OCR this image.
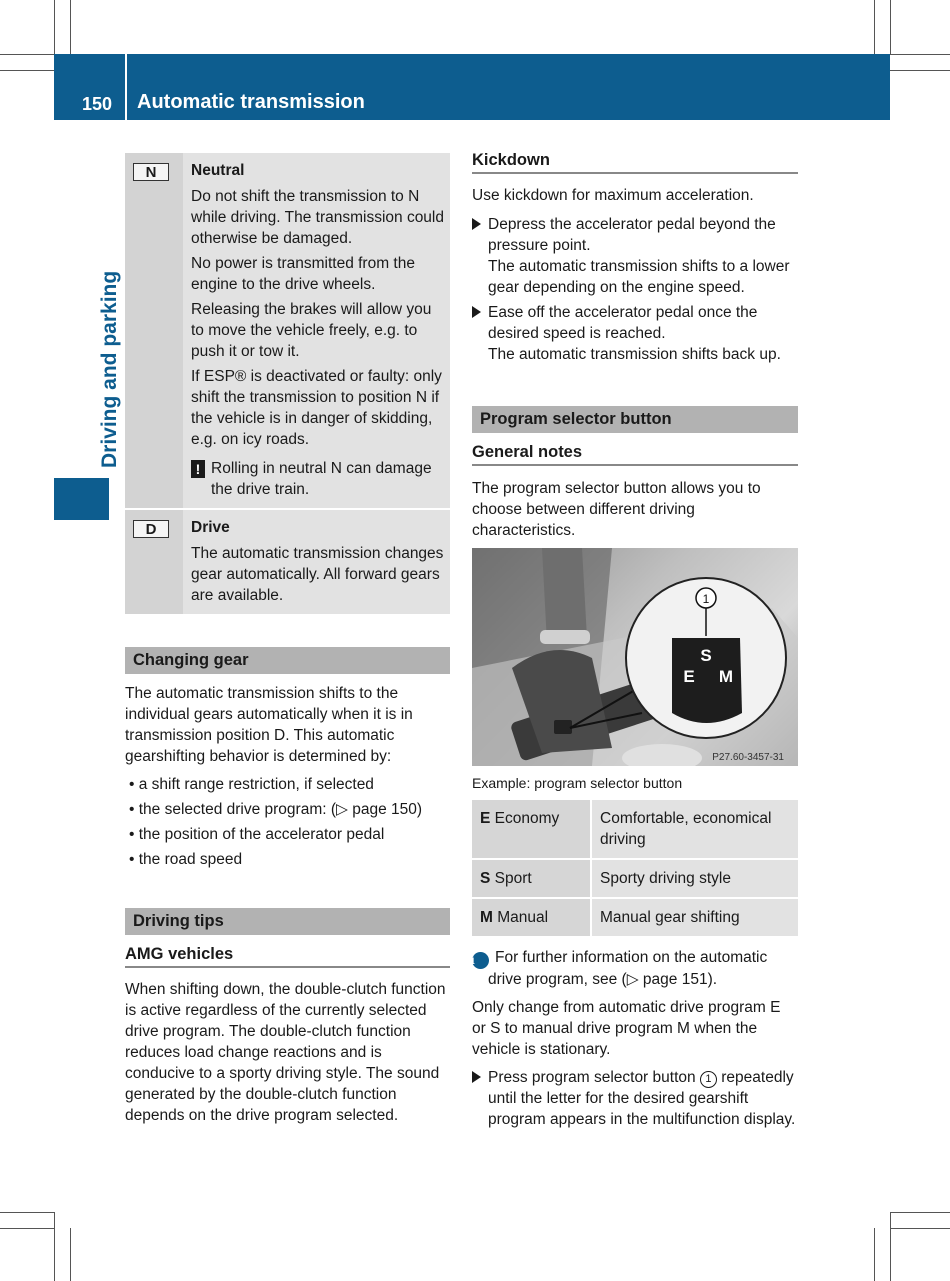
150 Automatic transmission
Driving and parking
N	Neutral

Do not shift the transmission to N while driving. The transmission could otherwise be damaged.

No power is transmitted from the engine to the drive wheels.

Releasing the brakes will allow you to move the vehicle freely, e.g. to push it or tow it.

If ESP® is deactivated or faulty: only shift the transmission to position N if the vehicle is in danger of skidding, e.g. on icy roads.

! Rolling in neutral N can damage the drive train.
D	Drive

The automatic transmission changes gear automatically. All forward gears are available.

Changing gear

The automatic transmission shifts to the individual gears automatically when it is in transmission position D. This automatic gearshifting behavior is determined by:

• a shift range restriction, if selected
• the selected drive program: (▷ page 150)
• the position of the accelerator pedal
• the road speed
Driving tips
AMG vehicles

When shifting down, the double-clutch function is active regardless of the currently selected drive program. The double-clutch function reduces load change reactions and is conducive to a sporty driving style. The sound generated by the double-clutch function depends on the drive program selected.

Kickdown

Use kickdown for maximum acceleration.

Depress the accelerator pedal beyond the pressure point.
The automatic transmission shifts to a lower gear depending on the engine speed.
Ease off the accelerator pedal once the desired speed is reached.
The automatic transmission shifts back up.
Program selector button
General notes

The program selector button allows you to choose between different driving characteristics.

1
S
E M
P27.60-3457-31
Example: program selector button
E Economy	Comfortable, economical driving
S Sport	Sporty driving style
M Manual	Manual gear shifting
i For further information on the automatic drive program, see (▷ page 151).

Only change from automatic drive program E or S to manual drive program M when the vehicle is stationary.

Press program selector button 1 repeatedly until the letter for the desired gearshift program appears in the multifunction display.
